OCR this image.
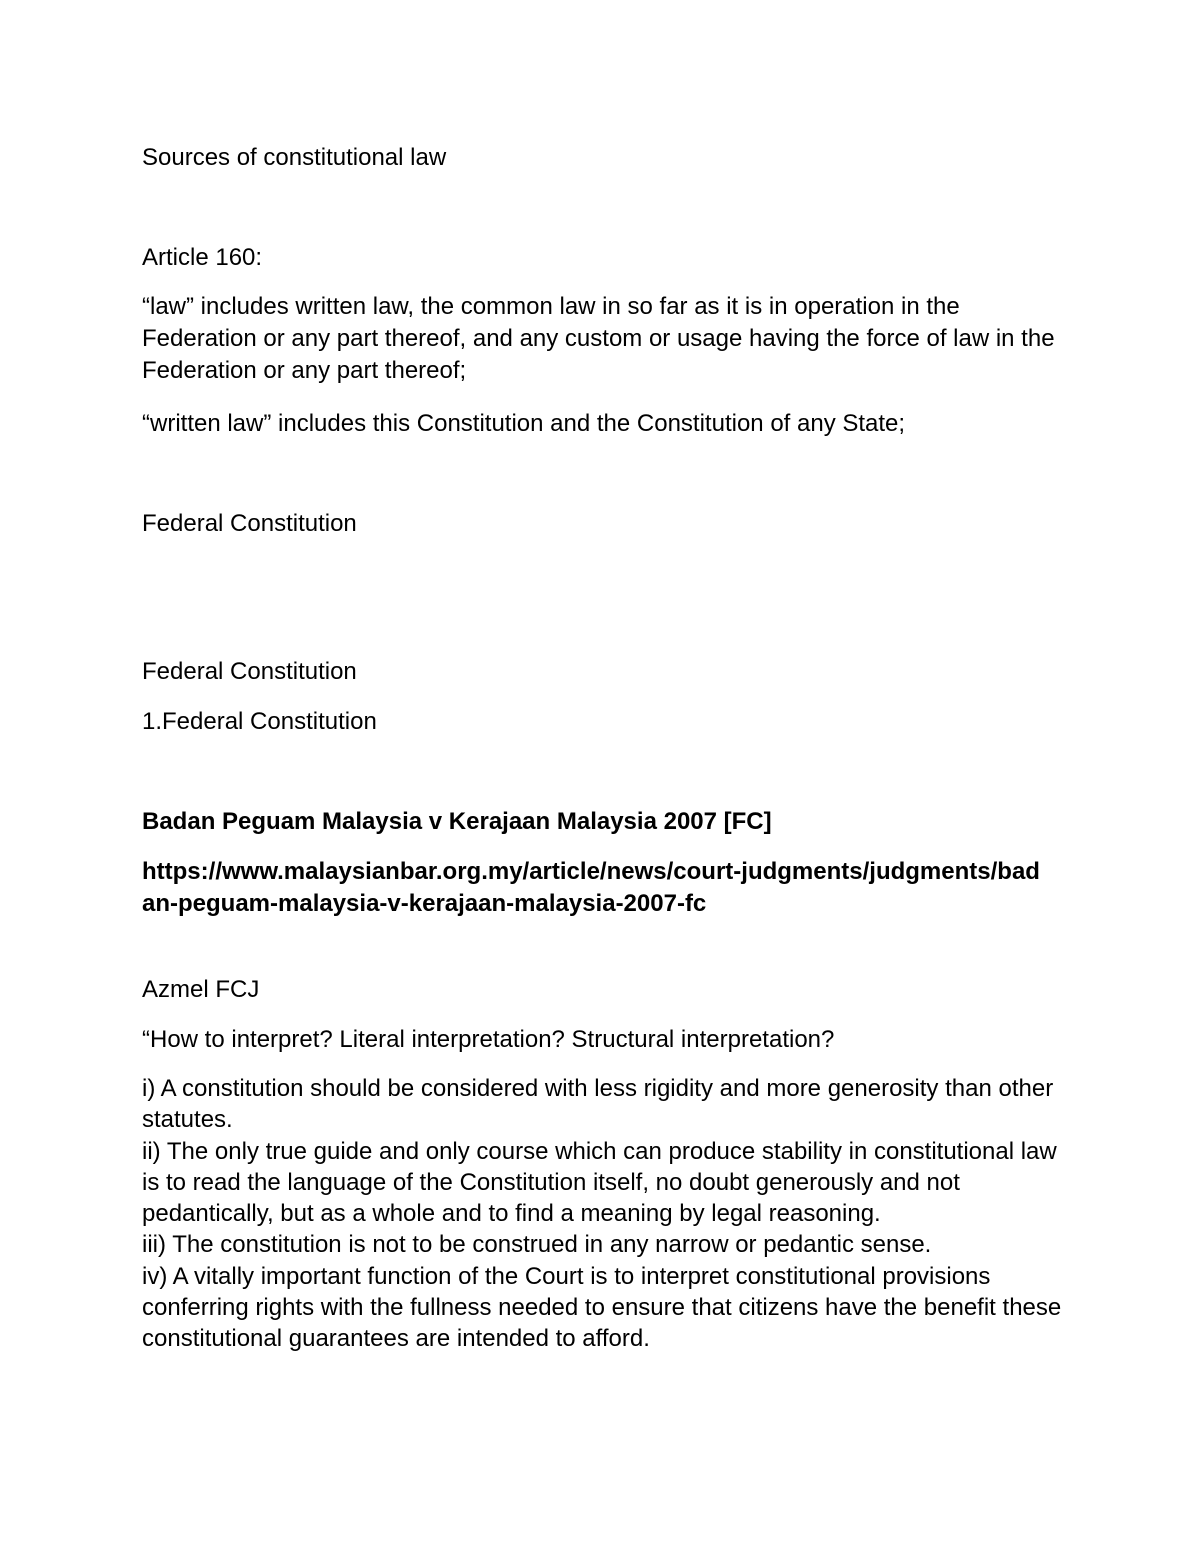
Sources of constitutional law

Article 160:

“law” includes written law, the common law in so far as it is in operation in the Federation or any part thereof, and any custom or usage having the force of law in the Federation or any part thereof;

“written law” includes this Constitution and the Constitution of any State;

Federal Constitution

Federal Constitution

1.Federal Constitution

Badan Peguam Malaysia v Kerajaan Malaysia 2007 [FC]

https://www.malaysianbar.org.my/article/news/court-judgments/judgments/badan-peguam-malaysia-v-kerajaan-malaysia-2007-fc

Azmel FCJ

“How to interpret? Literal interpretation? Structural interpretation?

i) A constitution should be considered with less rigidity and more generosity than other statutes.
ii) The only true guide and only course which can produce stability in constitutional law is to read the language of the Constitution itself, no doubt generously and not pedantically, but as a whole and to find a meaning by legal reasoning.
iii) The constitution is not to be construed in any narrow or pedantic sense.
iv) A vitally important function of the Court is to interpret constitutional provisions conferring rights with the fullness needed to ensure that citizens have the benefit these constitutional guarantees are intended to afford.
